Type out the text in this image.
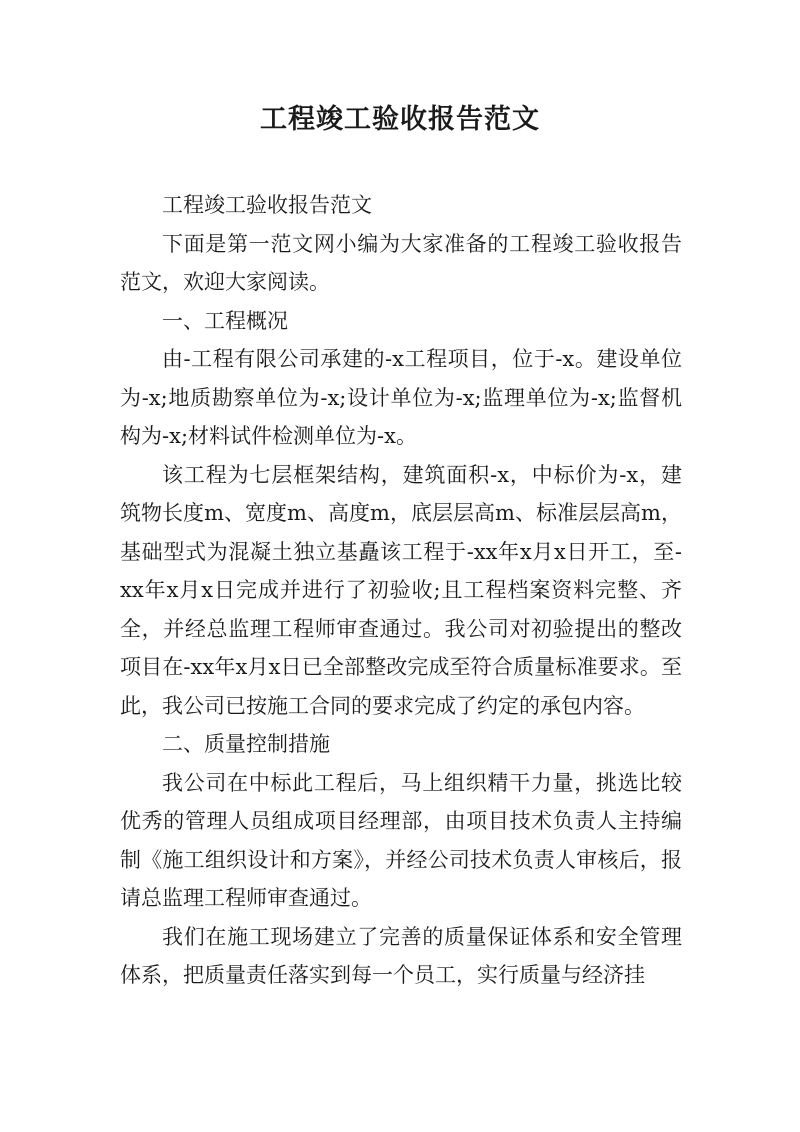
工程竣工验收报告范文

工程竣工验收报告范文

下面是第一范文网小编为大家准备的工程竣工验收报告范文，欢迎大家阅读。

一、工程概况

由-工程有限公司承建的-x工程项目，位于-x。建设单位为-x;地质勘察单位为-x;设计单位为-x;监理单位为-x;监督机构为-x;材料试件检测单位为-x。

该工程为七层框架结构，建筑面积-x，中标价为-x，建筑物长度m、宽度m、高度m，底层层高m、标准层层高m，基础型式为混凝土独立基矗该工程于-xx年x月x日开工，至-xx年x月x日完成并进行了初验收;且工程档案资料完整、齐全，并经总监理工程师审查通过。我公司对初验提出的整改项目在-xx年x月x日已全部整改完成至符合质量标准要求。至此，我公司已按施工合同的要求完成了约定的承包内容。

二、质量控制措施

我公司在中标此工程后，马上组织精干力量，挑选比较优秀的管理人员组成项目经理部，由项目技术负责人主持编制《施工组织设计和方案》，并经公司技术负责人审核后，报请总监理工程师审查通过。

我们在施工现场建立了完善的质量保证体系和安全管理体系，把质量责任落实到每一个员工，实行质量与经济挂
